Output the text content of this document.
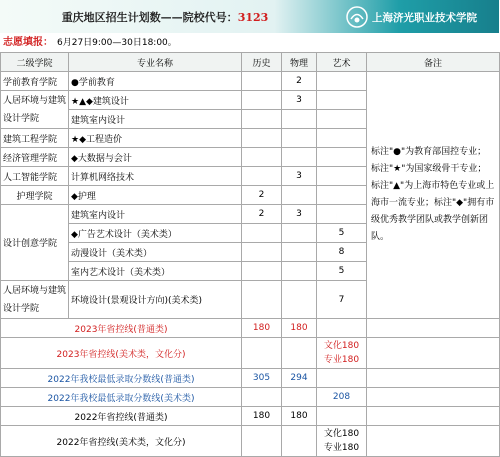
重庆地区招生计划数——院校代号：3123	上海济光职业技术学院
志愿填报： 6月27日9:00—30日18:00。
二级学院	专业名称	历史	物理	艺术	备注
学前教育学院	●学前教育		2		标注"●"为教育部国控专业；标注"★"为国家级骨干专业；标注"▲"为上海市特色专业或上海市一流专业；标注"◆"拥有市级优秀教学团队或教学创新团队。
人居环境与建筑设计学院	★▲◆建筑设计		3		
	建筑室内设计				
建筑工程学院	★◆工程造价				
经济管理学院	◆大数据与会计				
人工智能学院	计算机网络技术		3		
护理学院	◆护理	2			
设计创意学院	建筑室内设计	2	3		
	◆广告艺术设计（美术类）			5	
	动漫设计（美术类）			8	
	室内艺术设计（美术类）			5	
人居环境与建筑设计学院	环境设计(景观设计方向)(美术类)			7	
2023年省控线(普通类)		180	180		
2023年省控线(美术类，文化分)				文化180
专业180	

2022年我校最低录取分数线(普通类)		305	294		
2022年我校最低录取分数线(美术类)				208	
2022年省控线(普通类)		180	180		
2022年省控线(美术类，文化分)				文化180
专业180	
